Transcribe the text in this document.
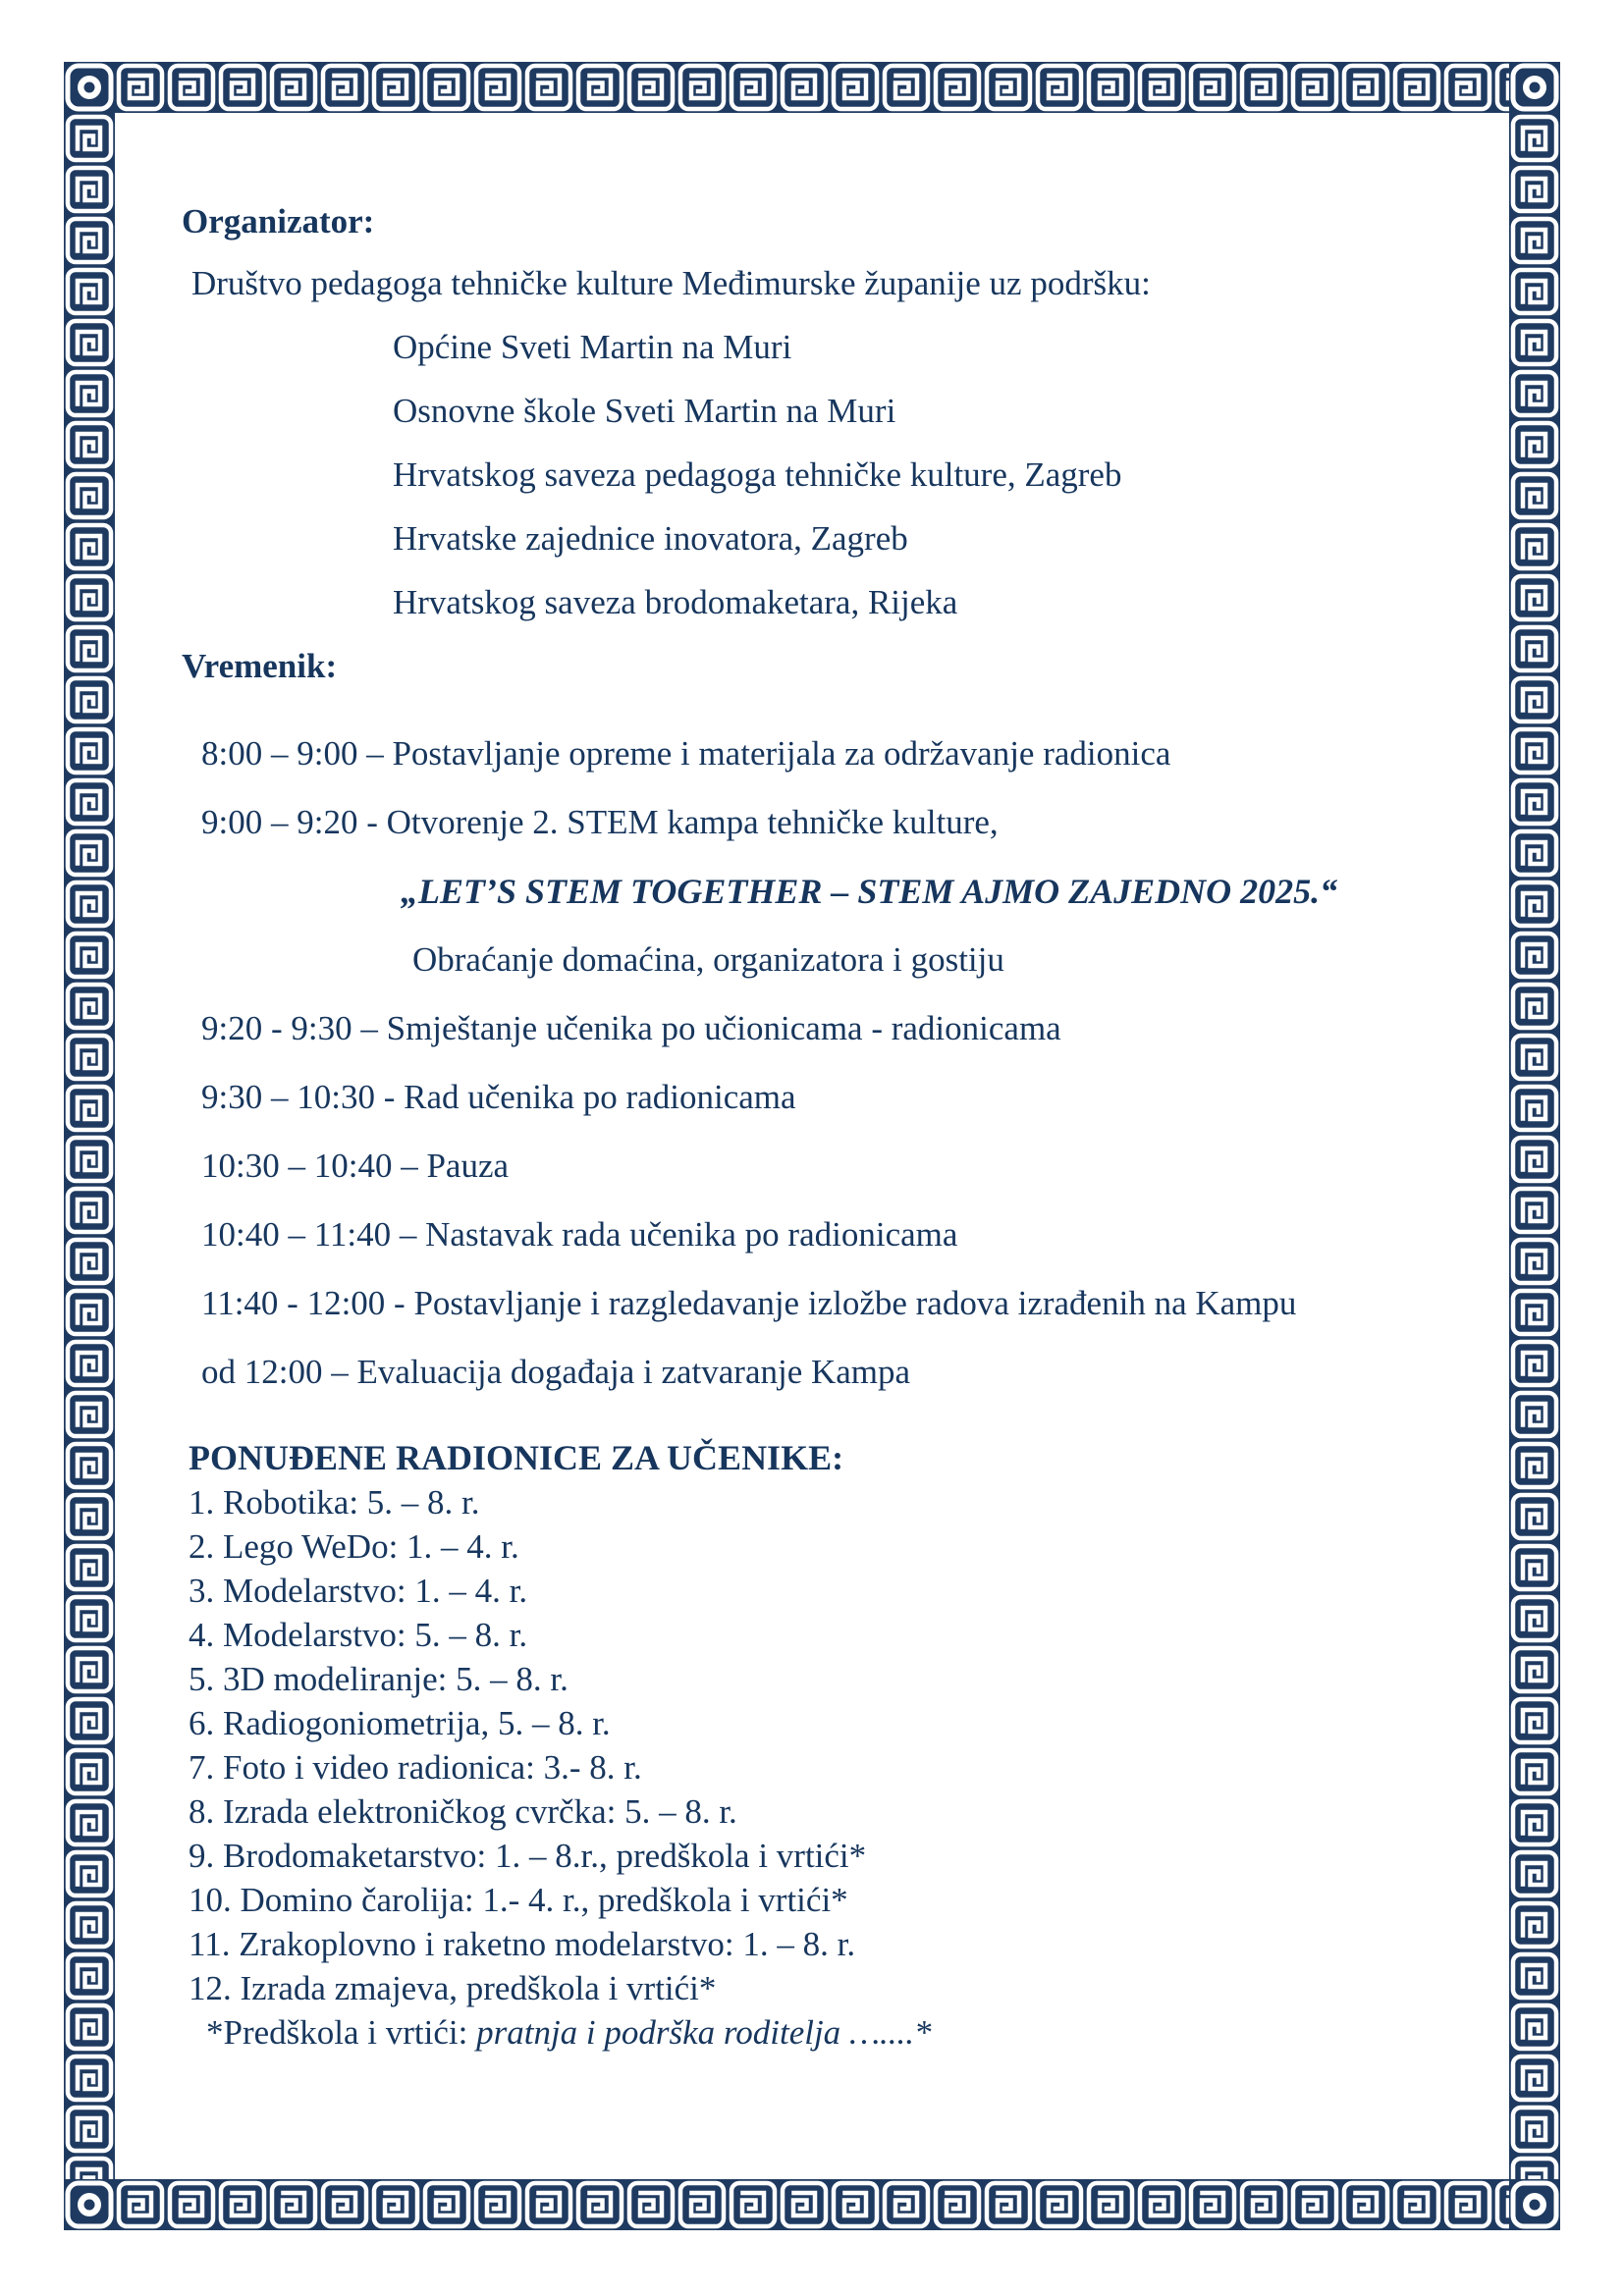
Organizator:

Društvo pedagoga tehničke kulture Međimurske županije uz podršku:

Općine Sveti Martin na Muri

Osnovne škole Sveti Martin na Muri

Hrvatskog saveza pedagoga tehničke kulture, Zagreb

Hrvatske zajednice inovatora, Zagreb

Hrvatskog saveza brodomaketara, Rijeka

Vremenik:

8:00 – 9:00 – Postavljanje opreme i materijala za održavanje radionica

9:00 – 9:20 - Otvorenje 2. STEM kampa tehničke kulture,

„LET’S STEM TOGETHER – STEM AJMO ZAJEDNO 2025.“

Obraćanje domaćina, organizatora i gostiju

9:20 - 9:30 – Smještanje učenika po učionicama - radionicama

9:30 – 10:30 - Rad učenika po radionicama

10:30 – 10:40 – Pauza

10:40 – 11:40 – Nastavak rada učenika po radionicama

11:40 - 12:00 - Postavljanje i razgledavanje izložbe radova izrađenih na Kampu

od 12:00 – Evaluacija događaja i zatvaranje Kampa

PONUĐENE RADIONICE ZA UČENIKE:

1. Robotika: 5. – 8. r.

2. Lego WeDo: 1. – 4. r.

3. Modelarstvo: 1. – 4. r.

4. Modelarstvo: 5. – 8. r.

5. 3D modeliranje: 5. – 8. r.

6. Radiogoniometrija, 5. – 8. r.

7. Foto i video radionica: 3.- 8. r.

8. Izrada elektroničkog cvrčka: 5. – 8. r.

9. Brodomaketarstvo: 1. – 8.r., predškola i vrtići*

10. Domino čarolija: 1.- 4. r., predškola i vrtići*

11. Zrakoplovno i raketno modelarstvo: 1. – 8. r.

12. Izrada zmajeva, predškola i vrtići*

*Predškola i vrtići: pratnja i podrška roditelja …....*
